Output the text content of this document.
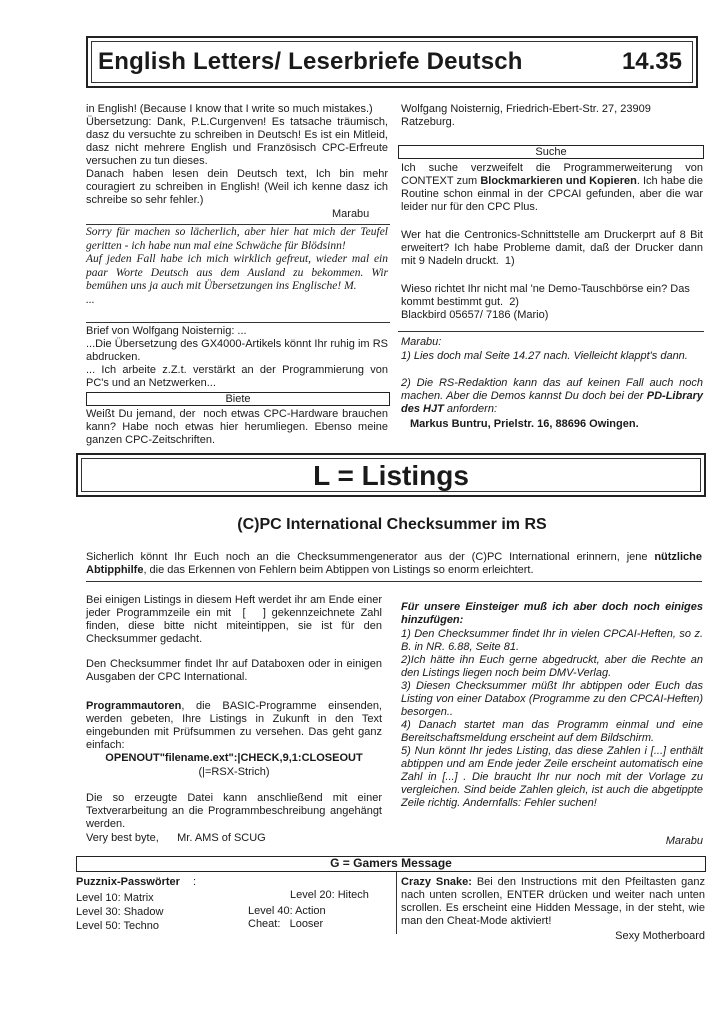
English Letters/ Leserbriefe Deutsch	14.35

in English! (Because I know that I write so much mistakes.)
Übersetzung: Dank, P.L.Curgenven! Es tatsache träumisch, dasz du versuchte zu schreiben in Deutsch! Es ist ein Mitleid, dasz nicht mehrere English und Französisch CPC-Erfreute versuchen zu tun dieses.
Danach haben lesen dein Deutsch text, Ich bin mehr couragiert zu schreiben in English! (Weil ich kenne dasz ich schreibe so sehr fehler.)

Marabu

Sorry für machen so lächerlich, aber hier hat mich der Teufel geritten - ich habe nun mal eine Schwäche für Blödsinn!
Auf jeden Fall habe ich mich wirklich gefreut, wieder mal ein paar Worte Deutsch aus dem Ausland zu bekommen. Wir bemühen uns ja auch mit Übersetzungen ins Englische! M.
...

Brief von Wolfgang Noisternig: ...

...Die Übersetzung des GX4000-Artikels könnt Ihr ruhig im RS abdrucken.
... Ich arbeite z.Z.t. verstärkt an der Programmierung von PC's und an Netzwerken...

Biete

Weißt Du jemand, der  noch etwas CPC-Hardware brauchen kann? Habe noch etwas hier herumliegen. Ebenso meine ganzen CPC-Zeitschriften.

Wolfgang Noisternig, Friedrich-Ebert-Str. 27, 23909 Ratzeburg.

Suche

Ich suche verzweifelt die Programmerweiterung von CONTEXT zum Blockmarkieren und Kopieren. Ich habe die Routine schon einmal in der CPCAI gefunden, aber die war leider nur für den CPC Plus.

Wer hat die Centronics-Schnittstelle am Druckerprt auf 8 Bit erweitert? Ich habe Probleme damit, daß der Drucker dann mit 9 Nadeln druckt.  1)

Wieso richtet Ihr nicht mal 'ne Demo-Tauschbörse ein? Das kommt bestimmt gut.  2)
Blackbird 05657/ 7186 (Mario)

Marabu:

1) Lies doch mal Seite 14.27 nach. Vielleicht klappt's dann.

2) Die RS-Redaktion kann das auf keinen Fall auch noch machen. Aber die Demos kannst Du doch bei der PD-Library des HJT anfordern:

Markus Buntru, Prielstr. 16, 88696 Owingen.

L = Listings
(C)PC International Checksummer im RS

Sicherlich könnt Ihr Euch noch an die Checksummengenerator aus der (C)PC International erinnern, jene nützliche Abtipphilfe, die das Erkennen von Fehlern beim Abtippen von Listings so enorm erleichtert.

Bei einigen Listings in diesem Heft werdet ihr am Ende einer jeder Programmzeile ein mit  [   ] gekennzeichnete Zahl finden, diese bitte nicht miteintippen, sie ist für den Checksummer gedacht.

Den Checksummer findet Ihr auf Databoxen oder in einigen Ausgaben der CPC International.

Programmautoren, die BASIC-Programme einsenden, werden gebeten, Ihre Listings in Zukunft in den Text eingebunden mit Prüfsummen zu versehen. Das geht ganz einfach:

OPENOUT"filename.ext":|CHECK,9,1:CLOSEOUT

(|=RSX-Strich)

Die so erzeugte Datei kann anschließend mit einer Textverarbeitung an die Programmbeschreibung angehängt werden.

Very best byte,      Mr. AMS of SCUG

Für unsere Einsteiger muß ich aber doch noch einiges hinzufügen:

1) Den Checksummer findet Ihr in vielen CPCAI-Heften, so z. B. in NR. 6.88, Seite 81.
2)Ich hätte ihn Euch gerne abgedruckt, aber die Rechte an den Listings liegen noch beim DMV-Verlag.
3) Diesen Checksummer müßt Ihr abtippen oder Euch das Listing von einer Databox (Programme zu den CPCAI-Heften) besorgen..
4) Danach startet man das Programm einmal und eine Bereitschaftsmeldung erscheint auf dem Bildschirm.
5) Nun könnt Ihr jedes Listing, das diese Zahlen i [...] enthält abtippen und am Ende jeder Zeile erscheint automatisch eine Zahl in [...] . Die braucht Ihr nur noch mit der Vorlage zu vergleichen. Sind beide Zahlen gleich, ist auch die abgetippte Zeile richtig. Andernfalls: Fehler suchen!

Marabu

G = Gamers Message

Puzznix-Passwörter :

Level 10: Matrix	Level 20: Hitech

Level 30: Shadow	Level 40: Action

Level 50: Techno	Cheat:   Looser

Crazy Snake: Bei den Instructions mit den Pfeiltasten ganz nach unten scrollen, ENTER drücken und weiter nach unten scrollen. Es erscheint eine Hidden Message, in der steht, wie man den Cheat-Mode aktiviert!

Sexy Motherboard
